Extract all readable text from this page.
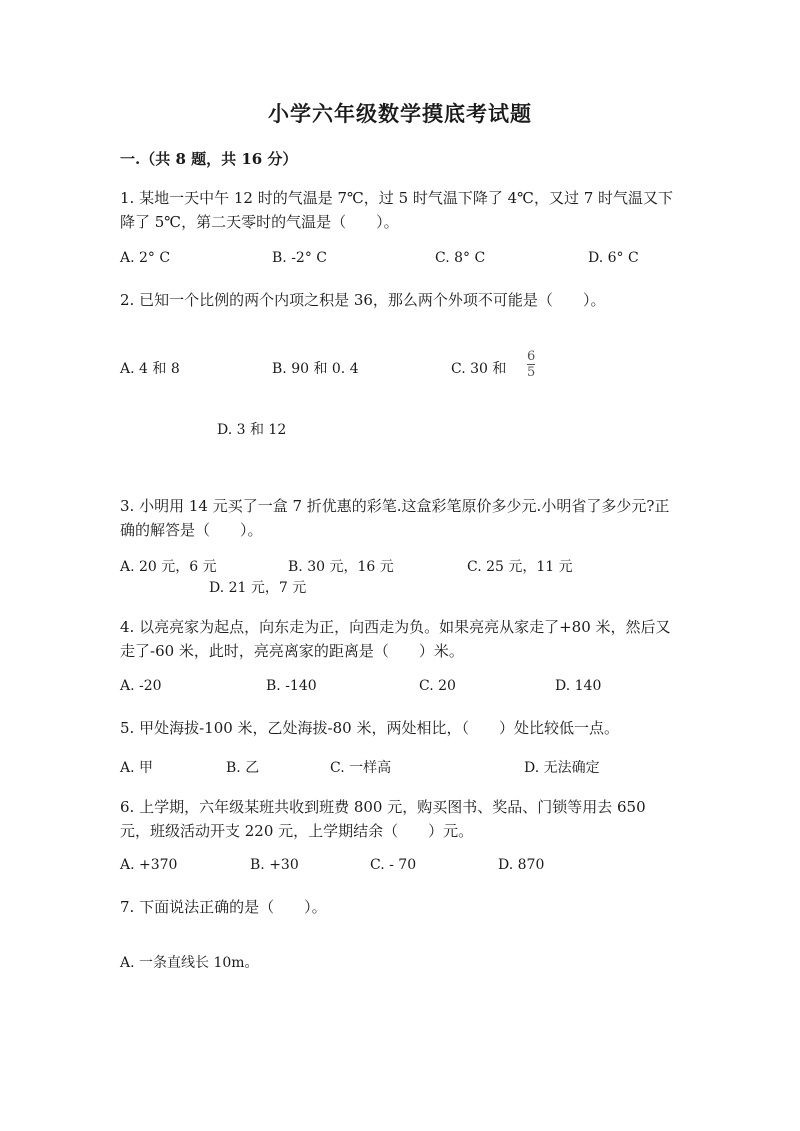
小学六年级数学摸底考试题
一.（共 8 题，共 16 分）
1. 某地一天中午 12 时的气温是 7℃，过 5 时气温下降了 4℃，又过 7 时气温又下降了 5℃，第二天零时的气温是（　　）。
A. 2° C	B. -2° C	C. 8° C	D. 6° C
2. 已知一个比例的两个内项之积是 36，那么两个外项不可能是（　　）。
A. 4 和 8	B. 90 和 0. 4	C. 30 和
6
5
D. 3 和 12
3. 小明用 14 元买了一盒 7 折优惠的彩笔.这盒彩笔原价多少元.小明省了多少元?正确的解答是（　　）。
A. 20 元，6 元	B. 30 元，16 元	C. 25 元，11 元
D. 21 元，7 元
4. 以亮亮家为起点，向东走为正，向西走为负。如果亮亮从家走了+80 米，然后又走了-60 米，此时，亮亮离家的距离是（　　）米。
A. -20	B. -140	C. 20	D. 140
5. 甲处海拔-100 米，乙处海拔-80 米，两处相比，（　　）处比较低一点。
A. 甲	B. 乙	C. 一样高	D. 无法确定
6. 上学期，六年级某班共收到班费 800 元，购买图书、奖品、门锁等用去 650 元，班级活动开支 220 元，上学期结余（　　）元。
A. +370	B. +30	C. - 70	D. 870
7. 下面说法正确的是（　　）。
A. 一条直线长 10m。
